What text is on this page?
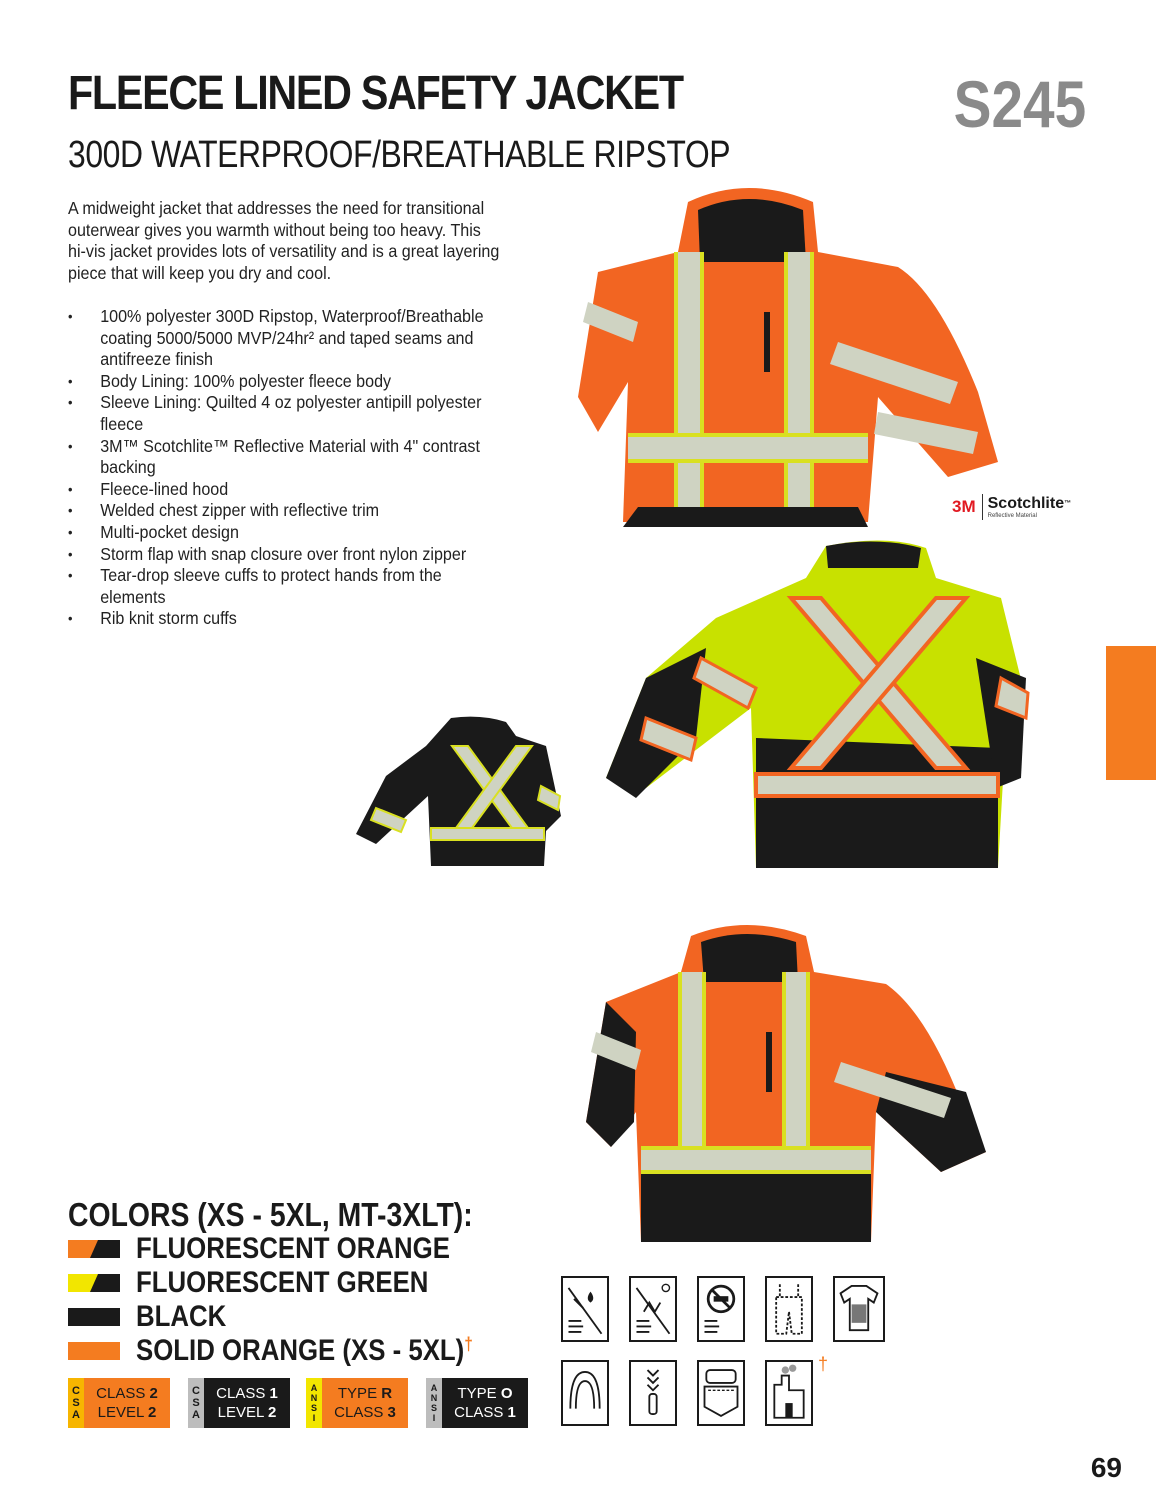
FLEECE LINED SAFETY JACKET
300D WATERPROOF/BREATHABLE RIPSTOP
S245
A midweight jacket that addresses the need for transitional outerwear gives you warmth without being too heavy. This hi-vis jacket provides lots of versatility and is a great layering piece that will keep you dry and cool.
• 100% polyester 300D Ripstop, Waterproof/Breathable coating 5000/5000 MVP/24hr² and taped seams and antifreeze finish
• Body Lining: 100% polyester fleece body
• Sleeve Lining: Quilted 4 oz polyester antipill polyester fleece
• 3M™ Scotchlite™ Reflective Material with 4" contrast backing
• Fleece-lined hood
• Welded chest zipper with reflective trim
• Multi-pocket design
• Storm flap with snap closure over front nylon zipper
• Tear-drop sleeve cuffs to protect hands from the elements
• Rib knit storm cuffs
3M Scotchlite™
Reflective Material
COLORS (XS - 5XL, MT-3XLT):
FLUORESCENT ORANGE
FLUORESCENT GREEN
BLACK
SOLID ORANGE (XS - 5XL)†
C
S
A
CLASS 2
LEVEL 2
C
S
A
CLASS 1
LEVEL 2
A
N
S
I
TYPE R
CLASS 3
A
N
S
I
TYPE O
CLASS 1
†
69
